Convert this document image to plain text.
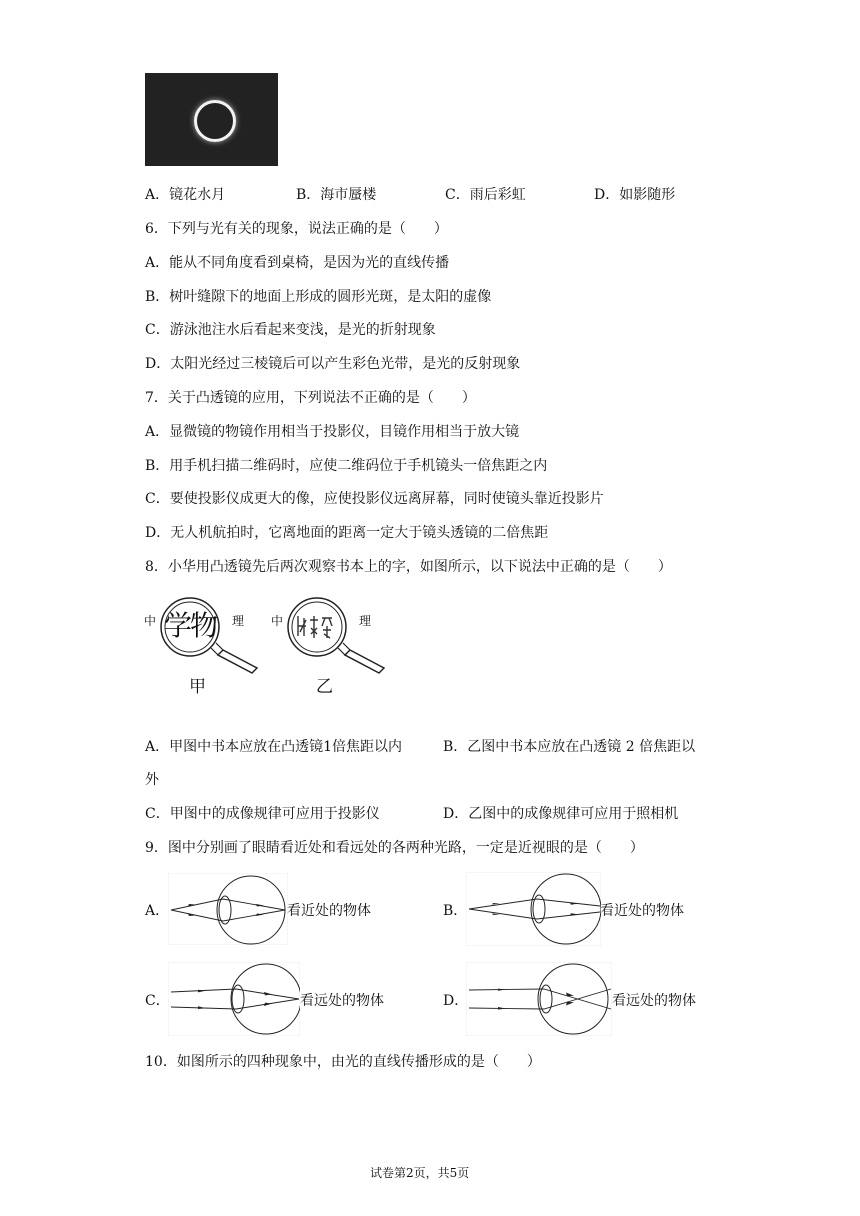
A．镜花水月	B．海市蜃楼	C．雨后彩虹	D．如影随形
6．下列与光有关的现象，说法正确的是（　　）
A．能从不同角度看到桌椅，是因为光的直线传播
B．树叶缝隙下的地面上形成的圆形光斑，是太阳的虚像
C．游泳池注水后看起来变浅，是光的折射现象
D．太阳光经过三棱镜后可以产生彩色光带，是光的反射现象
7．关于凸透镜的应用，下列说法不正确的是（　　）
A．显微镜的物镜作用相当于投影仪，目镜作用相当于放大镜
B．用手机扫描二维码时，应使二维码位于手机镜头一倍焦距之内
C．要使投影仪成更大的像，应使投影仪远离屏幕，同时使镜头靠近投影片
D．无人机航拍时，它离地面的距离一定大于镜头透镜的二倍焦距
8．小华用凸透镜先后两次观察书本上的字，如图所示，以下说法中正确的是（　　）
中 学物 理
甲
中	理
乙
A．甲图中书本应放在凸透镜1倍焦距以内	B．乙图中书本应放在凸透镜 2 倍焦距以
外
C．甲图中的成像规律可应用于投影仪	D．乙图中的成像规律可应用于照相机
9．图中分别画了眼睛看近处和看远处的各两种光路，一定是近视眼的是（　　）
A．	看近处的物体	B．	看近处的物体
C．	看远处的物体	D．	看远处的物体
10．如图所示的四种现象中，由光的直线传播形成的是（　　）
试卷第2页，共5页
